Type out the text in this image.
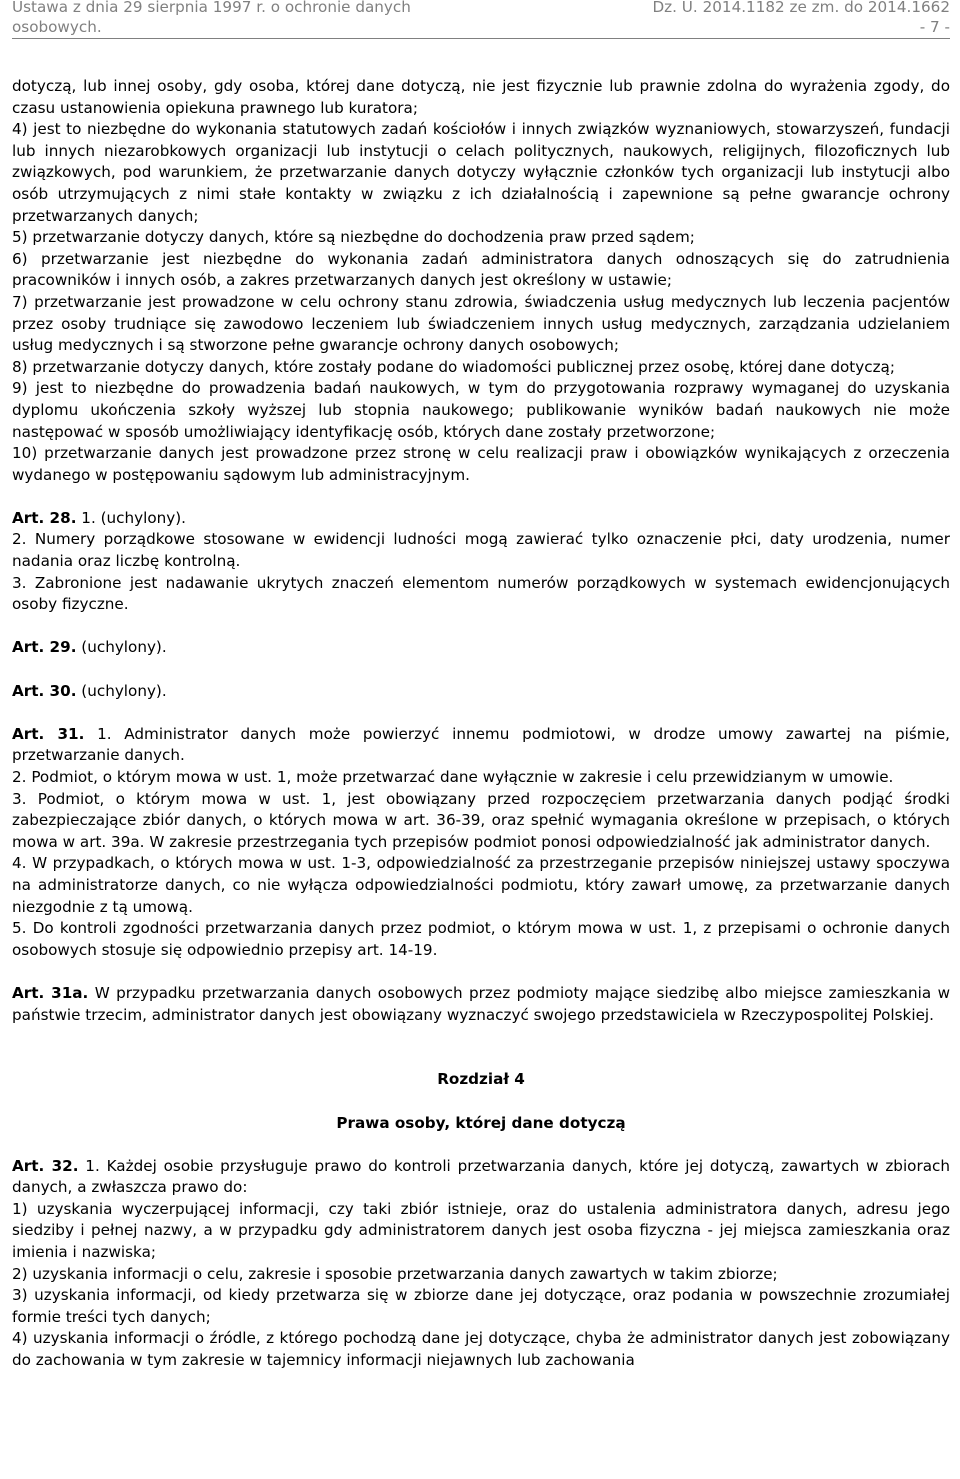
Ustawa z dnia 29 sierpnia 1997 r. o ochronie danych	Dz. U. 2014.1182 ze zm. do 2014.1662
osobowych.	- 7 -

dotyczą, lub innej osoby, gdy osoba, której dane dotyczą, nie jest fizycznie lub prawnie zdolna do wyrażenia zgody, do czasu ustanowienia opiekuna prawnego lub kuratora;

4) jest to niezbędne do wykonania statutowych zadań kościołów i innych związków wyznaniowych, stowarzyszeń, fundacji lub innych niezarobkowych organizacji lub instytucji o celach politycznych, naukowych, religijnych, filozoficznych lub związkowych, pod warunkiem, że przetwarzanie danych dotyczy wyłącznie członków tych organizacji lub instytucji albo osób utrzymujących z nimi stałe kontakty w związku z ich działalnością i zapewnione są pełne gwarancje ochrony przetwarzanych danych;

5) przetwarzanie dotyczy danych, które są niezbędne do dochodzenia praw przed sądem;

6) przetwarzanie jest niezbędne do wykonania zadań administratora danych odnoszących się do zatrudnienia pracowników i innych osób, a zakres przetwarzanych danych jest określony w ustawie;

7) przetwarzanie jest prowadzone w celu ochrony stanu zdrowia, świadczenia usług medycznych lub leczenia pacjentów przez osoby trudniące się zawodowo leczeniem lub świadczeniem innych usług medycznych, zarządzania udzielaniem usług medycznych i są stworzone pełne gwarancje ochrony danych osobowych;

8) przetwarzanie dotyczy danych, które zostały podane do wiadomości publicznej przez osobę, której dane dotyczą;

9) jest to niezbędne do prowadzenia badań naukowych, w tym do przygotowania rozprawy wymaganej do uzyskania dyplomu ukończenia szkoły wyższej lub stopnia naukowego; publikowanie wyników badań naukowych nie może następować w sposób umożliwiający identyfikację osób, których dane zostały przetworzone;

10) przetwarzanie danych jest prowadzone przez stronę w celu realizacji praw i obowiązków wynikających z orzeczenia wydanego w postępowaniu sądowym lub administracyjnym.

Art. 28. 1. (uchylony).

2. Numery porządkowe stosowane w ewidencji ludności mogą zawierać tylko oznaczenie płci, daty urodzenia, numer nadania oraz liczbę kontrolną.

3. Zabronione jest nadawanie ukrytych znaczeń elementom numerów porządkowych w systemach ewidencjonujących osoby fizyczne.

Art. 29. (uchylony).

Art. 30. (uchylony).

Art. 31. 1. Administrator danych może powierzyć innemu podmiotowi, w drodze umowy zawartej na piśmie, przetwarzanie danych.

2. Podmiot, o którym mowa w ust. 1, może przetwarzać dane wyłącznie w zakresie i celu przewidzianym w umowie.

3. Podmiot, o którym mowa w ust. 1, jest obowiązany przed rozpoczęciem przetwarzania danych podjąć środki zabezpieczające zbiór danych, o których mowa w art. 36-39, oraz spełnić wymagania określone w przepisach, o których mowa w art. 39a. W zakresie przestrzegania tych przepisów podmiot ponosi odpowiedzialność jak administrator danych.

4. W przypadkach, o których mowa w ust. 1-3, odpowiedzialność za przestrzeganie przepisów niniejszej ustawy spoczywa na administratorze danych, co nie wyłącza odpowiedzialności podmiotu, który zawarł umowę, za przetwarzanie danych niezgodnie z tą umową.

5. Do kontroli zgodności przetwarzania danych przez podmiot, o którym mowa w ust. 1, z przepisami o ochronie danych osobowych stosuje się odpowiednio przepisy art. 14-19.

Art. 31a. W przypadku przetwarzania danych osobowych przez podmioty mające siedzibę albo miejsce zamieszkania w państwie trzecim, administrator danych jest obowiązany wyznaczyć swojego przedstawiciela w Rzeczypospolitej Polskiej.

Rozdział 4

Prawa osoby, której dane dotyczą

Art. 32. 1. Każdej osobie przysługuje prawo do kontroli przetwarzania danych, które jej dotyczą, zawartych w zbiorach danych, a zwłaszcza prawo do:

1) uzyskania wyczerpującej informacji, czy taki zbiór istnieje, oraz do ustalenia administratora danych, adresu jego siedziby i pełnej nazwy, a w przypadku gdy administratorem danych jest osoba fizyczna - jej miejsca zamieszkania oraz imienia i nazwiska;

2) uzyskania informacji o celu, zakresie i sposobie przetwarzania danych zawartych w takim zbiorze;

3) uzyskania informacji, od kiedy przetwarza się w zbiorze dane jej dotyczące, oraz podania w powszechnie zrozumiałej formie treści tych danych;

4) uzyskania informacji o źródle, z którego pochodzą dane jej dotyczące, chyba że administrator danych jest zobowiązany do zachowania w tym zakresie w tajemnicy informacji niejawnych lub zachowania
